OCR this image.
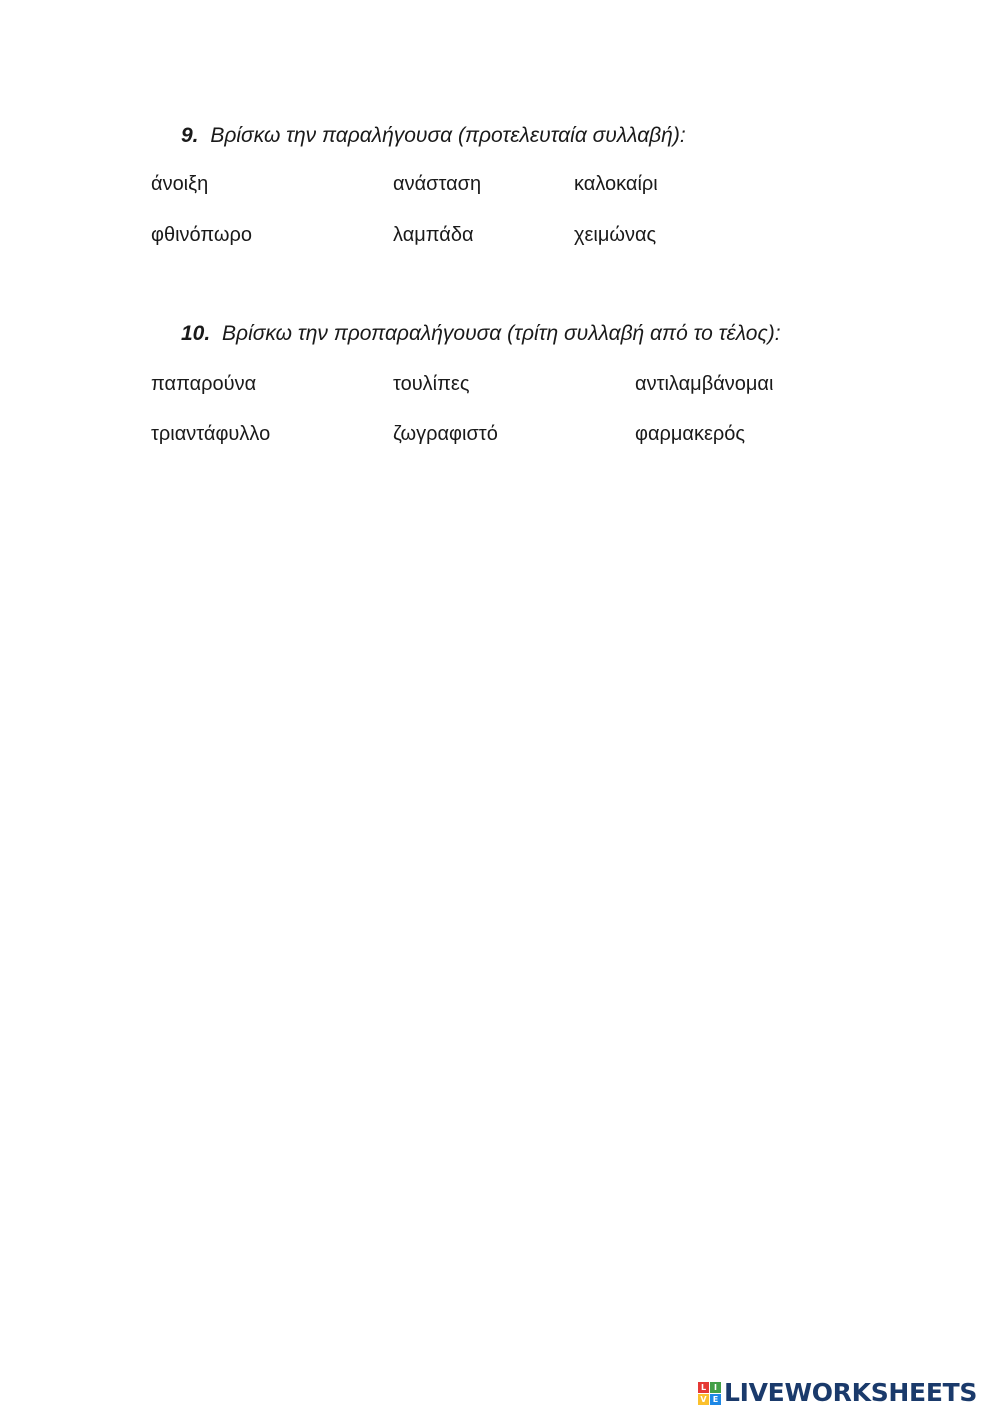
9. Βρίσκω την παραλήγουσα (προτελευταία συλλαβή):
άνοιξη	ανάσταση	καλοκαίρι
φθινόπωρο	λαμπάδα	χειμώνας
10. Βρίσκω την προπαραλήγουσα (τρίτη συλλαβή από το τέλος):
παπαρούνα	τουλίπες	αντιλαμβάνομαι
τριαντάφυλλο	ζωγραφιστό	φαρμακερός
L I
V E LIVEWORKSHEETS
